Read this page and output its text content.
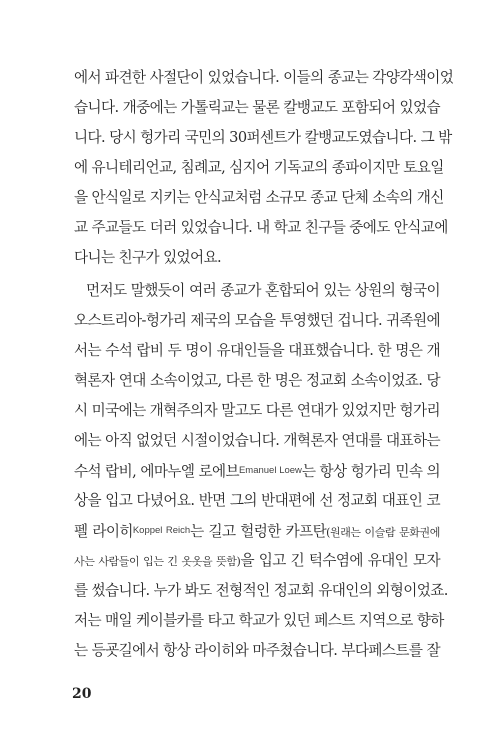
에서 파견한 사절단이 있었습니다. 이들의 종교는 각양각색이었
습니다. 개중에는 가톨릭교는 물론 칼뱅교도 포함되어 있었습
니다. 당시 헝가리 국민의 30퍼센트가 칼뱅교도였습니다. 그 밖
에 유니테리언교, 침례교, 심지어 기독교의 종파이지만 토요일
을 안식일로 지키는 안식교처럼 소규모 종교 단체 소속의 개신
교 주교들도 더러 있었습니다. 내 학교 친구들 중에도 안식교에
다니는 친구가 있었어요.
먼저도 말했듯이 여러 종교가 혼합되어 있는 상원의 형국이
오스트리아-헝가리 제국의 모습을 투영했던 겁니다. 귀족원에
서는 수석 랍비 두 명이 유대인들을 대표했습니다. 한 명은 개
혁론자 연대 소속이었고, 다른 한 명은 정교회 소속이었죠. 당
시 미국에는 개혁주의자 말고도 다른 연대가 있었지만 헝가리
에는 아직 없었던 시절이었습니다. 개혁론자 연대를 대표하는
수석 랍비, 에마누엘 로에브$^{Emanuel Loew}$는 항상 헝가리 민속 의
상을 입고 다녔어요. 반면 그의 반대편에 선 정교회 대표인 코
펠 라이히$^{Koppel Reich}$는 길고 헐렁한 카프탄(원래는 이슬람 문화권에
사는 사람들이 입는 긴 옷옷을 뜻함)을 입고 긴 턱수염에 유대인 모자
를 썼습니다. 누가 봐도 전형적인 정교회 유대인의 외형이었죠.
저는 매일 케이블카를 타고 학교가 있던 페스트 지역으로 향하
는 등굣길에서 항상 라이히와 마주쳤습니다. 부다페스트를 잘
20
